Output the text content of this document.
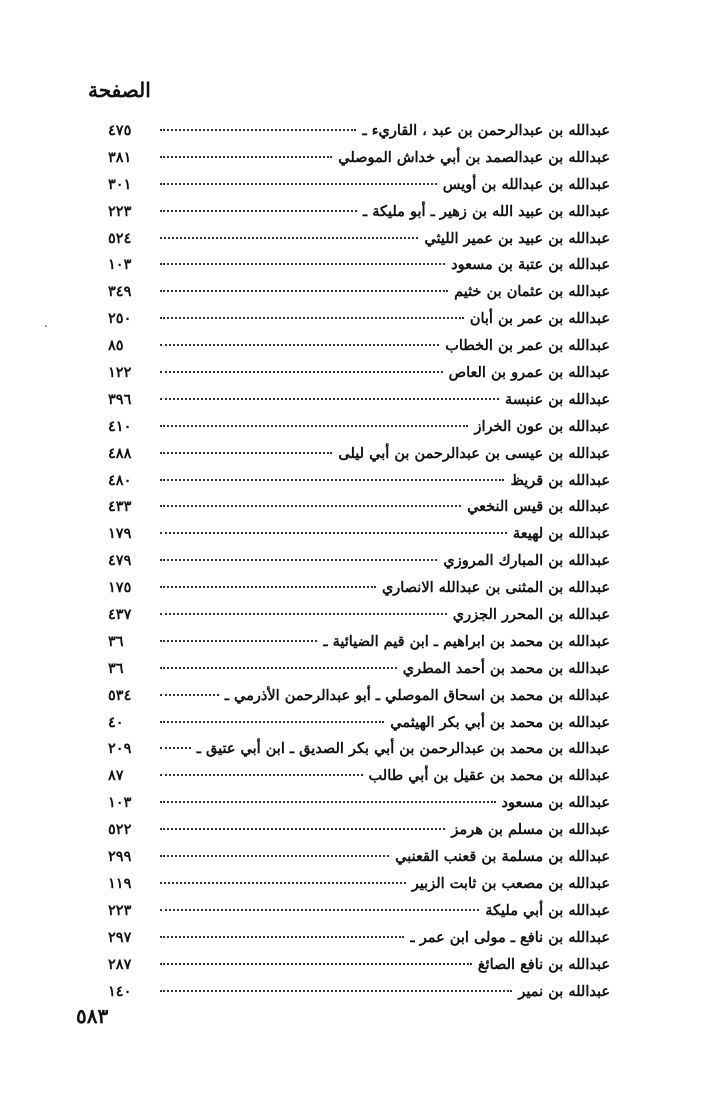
الصفحة
عبدالله بن عبدالرحمن بن عبد ، القاريء ـ
٤٧٥
عبدالله بن عبدالصمد بن أبي خداش الموصلي
٣٨١
عبدالله بن عبدالله بن أويس
٣٠١
عبدالله بن عبيد الله بن زهير ـ أبو مليكة ـ
٢٢٣
عبدالله بن عبيد بن عمير الليثي
٥٢٤
عبدالله بن عتبة بن مسعود
١٠٣
عبدالله بن عثمان بن خثيم
٣٤٩
عبدالله بن عمر بن أبان
٢٥٠
عبدالله بن عمر بن الخطاب
٨٥
عبدالله بن عمرو بن العاص
١٢٢
عبدالله بن عنبسة
٣٩٦
عبدالله بن عون الخراز
٤١٠
عبدالله بن عيسى بن عبدالرحمن بن أبي ليلى
٤٨٨
عبدالله بن قريظ
٤٨٠
عبدالله بن قيس النخعي
٤٣٣
عبدالله بن لهيعة
١٧٩
عبدالله بن المبارك المروزي
٤٧٩
عبدالله بن المثنى بن عبدالله الانصاري
١٧٥
عبدالله بن المحرر الجزري
٤٣٧
عبدالله بن محمد بن ابراهيم ـ ابن قيم الضيائية ـ
٣٦
عبدالله بن محمد بن أحمد المطري
٣٦
عبدالله بن محمد بن اسحاق الموصلي ـ أبو عبدالرحمن الأذرمي ـ
٥٣٤
عبدالله بن محمد بن أبي بكر الهيثمي
٤٠
عبدالله بن محمد بن عبدالرحمن بن أبي بكر الصديق ـ ابن أبي عتيق ـ
٢٠٩
عبدالله بن محمد بن عقيل بن أبي طالب
٨٧
عبدالله بن مسعود
١٠٣
عبدالله بن مسلم بن هرمز
٥٢٢
عبدالله بن مسلمة بن قعنب القعنبي
٢٩٩
عبدالله بن مصعب بن ثابت الزبير
١١٩
عبدالله بن أبي مليكة
٢٢٣
عبدالله بن نافع ـ مولى ابن عمر ـ
٢٩٧
عبدالله بن نافع الصائغ
٢٨٧
عبدالله بن نمير
١٤٠
٥٨٣
